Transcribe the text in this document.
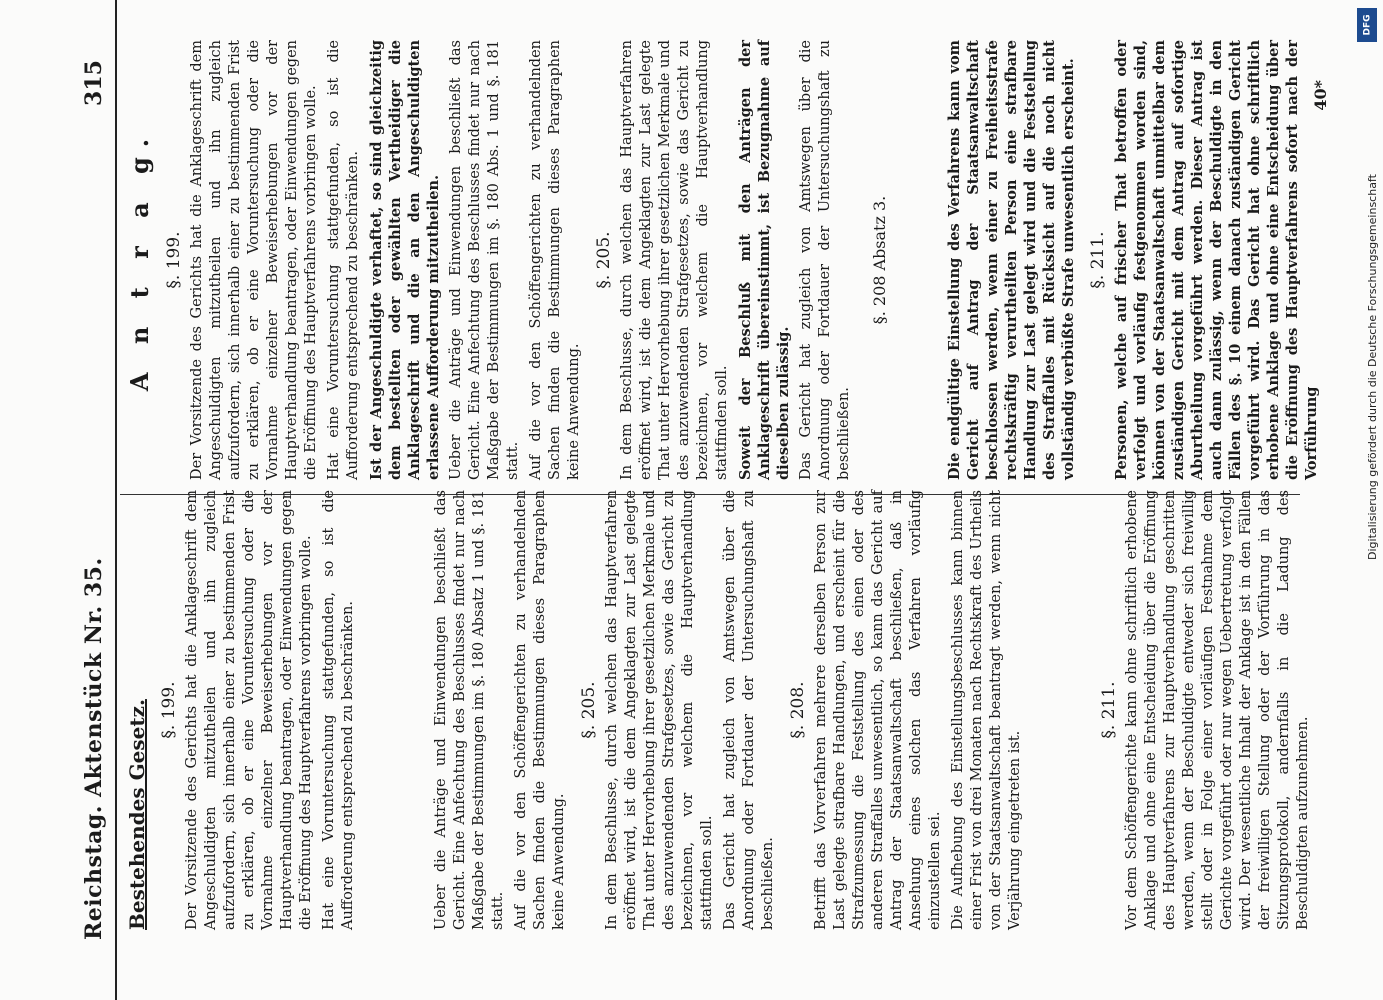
Reichstag. Aktenstück Nr. 35.
315
Bestehendes Gesetz. §. 199. Der Vorsitzende des Gerichts hat die Anklageschrift dem Angeschuldigten mitzutheilen und ihn zugleich aufzufordern, sich innerhalb einer zu bestimmenden Frist zu erklären, ob er eine Voruntersuchung oder die Vornahme einzelner Beweiserhebungen vor der Hauptverhandlung beantragen, oder Einwendungen gegen die Eröffnung des Hauptverfahrens vorbringen wolle. Hat eine Voruntersuchung stattgefunden, so ist die Aufforderung entsprechend zu beschränken.	Ueber die Anträge und Einwendungen beschließt das Gericht. Eine Anfechtung des Beschlusses findet nur nach Maßgabe der Bestimmungen im §. 180 Absatz 1 und §. 181 statt. Auf die vor den Schöffengerichten zu verhandelnden Sachen finden die Bestimmungen dieses Paragraphen keine Anwendung.

§. 205. In dem Beschlusse, durch welchen das Hauptverfahren eröffnet wird, ist die dem Angeklagten zur Last gelegte That unter Hervorhebung ihrer gesetzlichen Merkmale und des anzuwendenden Strafgesetzes, sowie das Gericht zu bezeichnen, vor welchem die Hauptverhandlung stattfinden soll. Das Gericht hat zugleich von Amtswegen über die Anordnung oder Fortdauer der Untersuchungshaft zu beschließen.

§. 208. Betrifft das Vorverfahren mehrere derselben Person zur Last gelegte strafbare Handlungen, und erscheint für die Strafzumessung die Feststellung des einen oder des anderen Straffalles unwesentlich, so kann das Gericht auf Antrag der Staatsanwaltschaft beschließen, daß in Ansehung eines solchen das Verfahren vorläufig einzustellen sei. Die Aufhebung des Einstellungsbeschlusses kann binnen einer Frist von drei Monaten nach Rechtskraft des Urtheils von der Staatsanwaltschaft beantragt werden, wenn nicht Verjährung eingetreten ist.

§. 211. Vor dem Schöffengerichte kann ohne schriftlich erhobene Anklage und ohne eine Entscheidung über die Eröffnung des Hauptverfahrens zur Hauptverhandlung geschritten werden, wenn der Beschuldigte entweder sich freiwillig stellt oder in Folge einer vorläufigen Festnahme dem Gerichte vorgeführt oder nur wegen Uebertretung verfolgt wird. Der wesentliche Inhalt der Anklage ist in den Fällen der freiwilligen Stellung oder der Vorführung in das Sitzungsprotokoll, andernfalls in die Ladung des Beschuldigten aufzunehmen.

A n t r a g. §. 199. Der Vorsitzende des Gerichts hat die Anklageschrift dem Angeschuldigten mitzutheilen und ihn zugleich aufzufordern, sich innerhalb einer zu bestimmenden Frist zu erklären, ob er eine Voruntersuchung oder die Vornahme einzelner Beweiserhebungen vor der Hauptverhandlung beantragen, oder Einwendungen gegen die Eröffnung des Hauptverfahrens vorbringen wolle. Hat eine Voruntersuchung stattgefunden, so ist die Aufforderung entsprechend zu beschränken. Ist der Angeschuldigte verhaftet, so sind gleichzeitig dem bestellten oder gewählten Vertheidiger die Anklageschrift und die an den Angeschuldigten erlassene Aufforderung mitzutheilen. Ueber die Anträge und Einwendungen beschließt das Gericht. Eine Anfechtung des Beschlusses findet nur nach Maßgabe der Bestimmungen im §. 180 Abs. 1 und §. 181 statt. Auf die vor den Schöffengerichten zu verhandelnden Sachen finden die Bestimmungen dieses Paragraphen keine Anwendung.

§. 205. In dem Beschlusse, durch welchen das Hauptverfahren eröffnet wird, ist die dem Angeklagten zur Last gelegte That unter Hervorhebung ihrer gesetzlichen Merkmale und des anzuwendenden Strafgesetzes, sowie das Gericht zu bezeichnen, vor welchem die Hauptverhandlung stattfinden soll. Soweit der Beschluß mit den Anträgen der Anklageschrift übereinstimmt, ist Bezugnahme auf dieselben zulässig. Das Gericht hat zugleich von Amtswegen über die Anordnung oder Fortdauer der Untersuchungshaft zu beschließen.

§. 208 Absatz 3.	Die endgültige Einstellung des Verfahrens kann vom Gericht auf Antrag der Staatsanwaltschaft beschlossen werden, wenn einer zu Freiheitsstrafe rechtskräftig verurtheilten Person eine strafbare Handlung zur Last gelegt wird und die Feststellung des Straffalles mit Rücksicht auf die noch nicht vollständig verbüßte Strafe unwesentlich erscheint. §. 211. Personen, welche auf frischer That betroffen oder verfolgt und vorläufig festgenommen worden sind, können von der Staatsanwaltschaft unmittelbar dem zuständigen Gericht mit dem Antrag auf sofortige Aburtheilung vorgeführt werden. Dieser Antrag ist auch dann zulässig, wenn der Beschuldigte in den Fällen des §. 10 einem danach zuständigen Gericht vorgeführt wird. Das Gericht hat ohne schriftlich erhobene Anklage und ohne eine Entscheidung über die Eröffnung des Hauptverfahrens sofort nach der Vorführung

40*
DFG
Digitalisierung gefördert durch die Deutsche Forschungsgemeinschaft
